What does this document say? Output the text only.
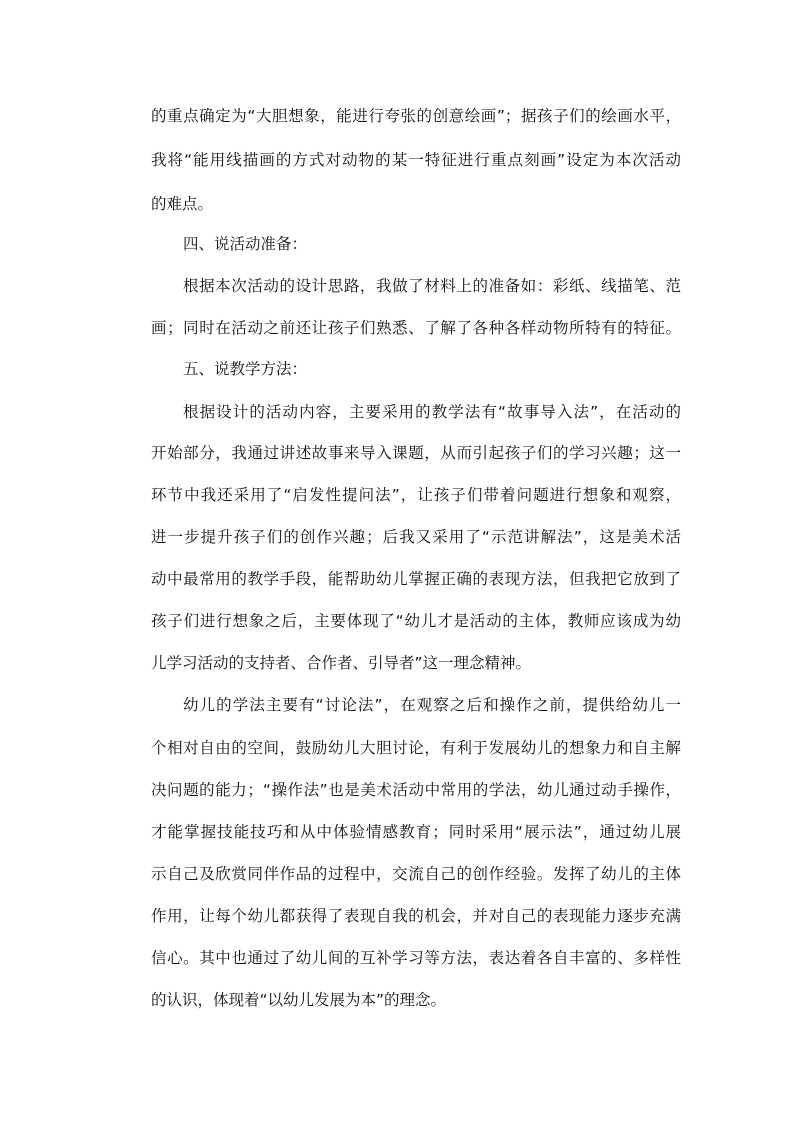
的重点确定为“大胆想象，能进行夸张的创意绘画”；据孩子们的绘画水平，
我将“能用线描画的方式对动物的某一特征进行重点刻画”设定为本次活动
的难点。
四、说活动准备：
根据本次活动的设计思路，我做了材料上的准备如：彩纸、线描笔、范
画；同时在活动之前还让孩子们熟悉、了解了各种各样动物所特有的特征。
五、说教学方法：
根据设计的活动内容，主要采用的教学法有“故事导入法”，在活动的
开始部分，我通过讲述故事来导入课题，从而引起孩子们的学习兴趣；这一
环节中我还采用了“启发性提问法”，让孩子们带着问题进行想象和观察，
进一步提升孩子们的创作兴趣；后我又采用了“示范讲解法”，这是美术活
动中最常用的教学手段，能帮助幼儿掌握正确的表现方法，但我把它放到了
孩子们进行想象之后，主要体现了“幼儿才是活动的主体，教师应该成为幼
儿学习活动的支持者、合作者、引导者”这一理念精神。
幼儿的学法主要有“讨论法”，在观察之后和操作之前，提供给幼儿一
个相对自由的空间，鼓励幼儿大胆讨论，有利于发展幼儿的想象力和自主解
决问题的能力；“操作法”也是美术活动中常用的学法，幼儿通过动手操作，
才能掌握技能技巧和从中体验情感教育；同时采用“展示法”，通过幼儿展
示自己及欣赏同伴作品的过程中，交流自己的创作经验。发挥了幼儿的主体
作用，让每个幼儿都获得了表现自我的机会，并对自己的表现能力逐步充满
信心。其中也通过了幼儿间的互补学习等方法，表达着各自丰富的、多样性
的认识，体现着“以幼儿发展为本”的理念。
